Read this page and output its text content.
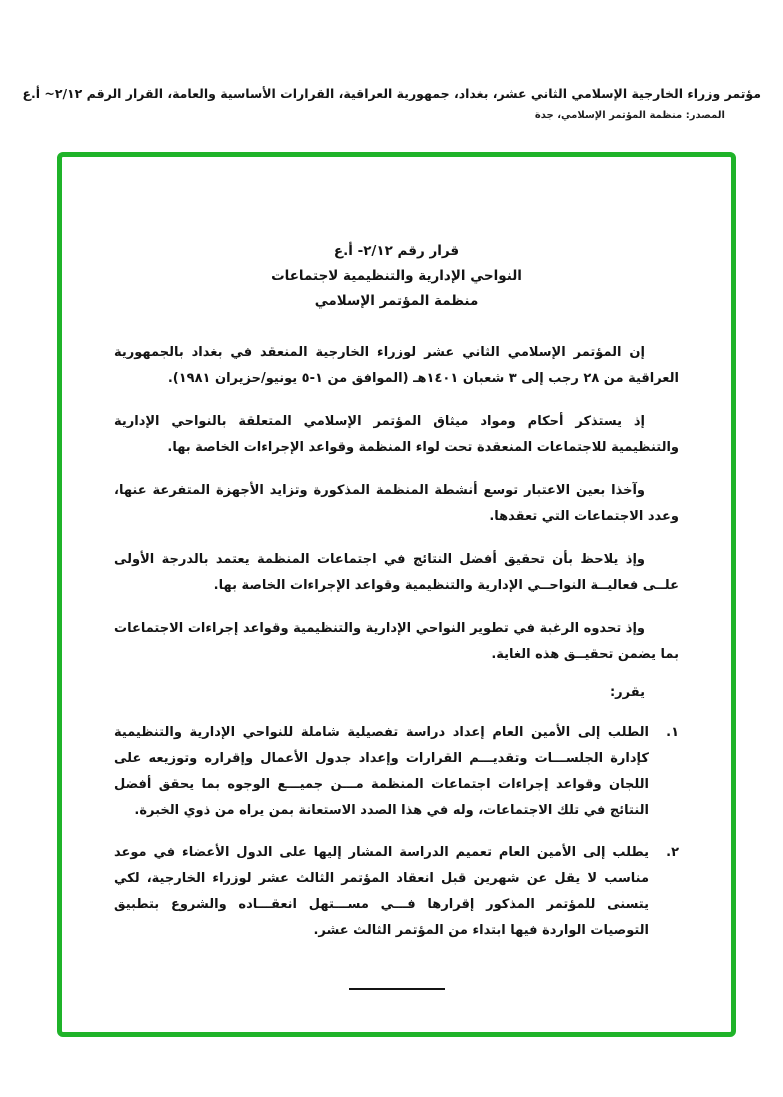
مؤتمر وزراء الخارجية الإسلامي الثاني عشر، بغداد، جمهورية العراقية، القرارات الأساسية والعامة، القرار الرقم ٢/١٢~ أ.ع
المصدر: منظمة المؤتمر الإسلامي، جدة
قرار رقم ٢/١٢- أ.ع
النواحي الإدارية والتنظيمية لاجتماعات
منظمة المؤتمر الإسلامي

إن المؤتمر الإسلامي الثاني عشر لوزراء الخارجية المنعقد في بغداد بالجمهورية العراقية من ٢٨ رجب إلى ٣ شعبان ١٤٠١هـ (الموافق من ١-٥ يونيو/حزيران ١٩٨١).

إذ يستذكر أحكام ومواد ميثاق المؤتمر الإسلامي المتعلقة بالنواحي الإدارية والتنظيمية للاجتماعات المنعقدة تحت لواء المنظمة وقواعد الإجراءات الخاصة بها.

وآخذا بعين الاعتبار توسع أنشطة المنظمة المذكورة وتزايد الأجهزة المتفرعة عنها، وعدد الاجتماعات التي تعقدها.

وإذ يلاحظ بأن تحقيق أفضل النتائج في اجتماعات المنظمة يعتمد بالدرجة الأولى علــى فعاليــة النواحــي الإدارية والتنظيمية وقواعد الإجراءات الخاصة بها.

وإذ تحدوه الرغبة في تطوير النواحي الإدارية والتنظيمية وقواعد إجراءات الاجتماعات بما يضمن تحقيــق هذه الغاية.

يقرر:

١.
الطلب إلى الأمين العام إعداد دراسة تفصيلية شاملة للنواحي الإدارية والتنظيمية كإدارة الجلســـات وتقديـــم القرارات وإعداد جدول الأعمال وإقراره وتوزيعه على اللجان وقواعد إجراءات اجتماعات المنظمة مـــن جميـــع الوجوه بما يحقق أفضل النتائج في تلك الاجتماعات، وله في هذا الصدد الاستعانة بمن يراه من ذوي الخبرة.
٢.
يطلب إلى الأمين العام تعميم الدراسة المشار إليها على الدول الأعضاء في موعد مناسب لا يقل عن شهرين قبل انعقاد المؤتمر الثالث عشر لوزراء الخارجية، لكي يتسنى للمؤتمر المذكور إقرارها فـــي مســـتهل انعقـــاده والشروع بتطبيق التوصيات الواردة فيها ابتداء من المؤتمر الثالث عشر.
